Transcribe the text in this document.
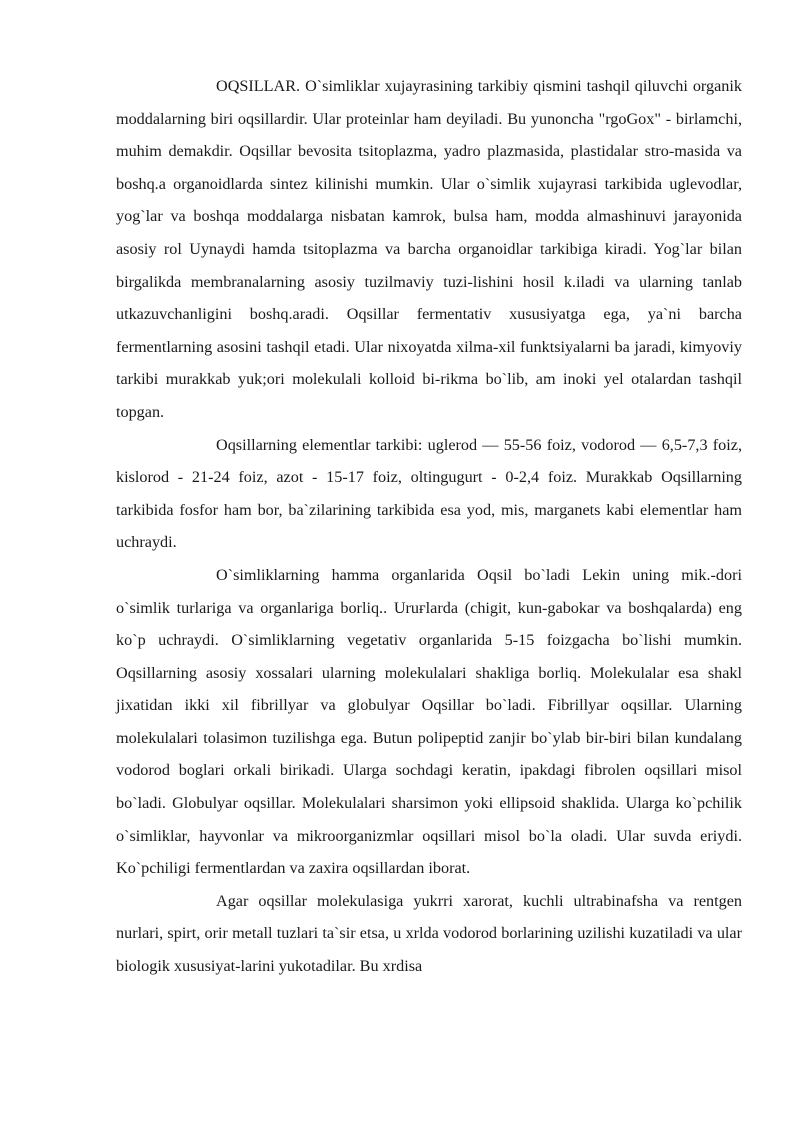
OQSILLAR. O`simliklar xujayrasining tarkibiy qismini tashqil qiluvchi organik moddalarning biri oqsillardir. Ular proteinlar ham deyiladi. Bu yunoncha "rgoGox" - birlamchi, muhim demakdir. Oqsillar bevosita tsitoplazma, yadro plazmasida, plastidalar stro-masida va boshq.a organoidlarda sintez kilinishi mumkin. Ular o`simlik xujayrasi tarkibida uglevodlar, yog`lar va boshqa moddalarga nisbatan kamrok, bulsa ham, modda almashinuvi jarayonida asosiy rol Uynaydi hamda tsitoplazma va barcha organoidlar tarkibiga kiradi. Yog`lar bilan birgalikda membranalarning asosiy tuzilmaviy tuzi-lishini hosil k.iladi va ularning tanlab utkazuvchanligini boshq.aradi. Oqsillar fermentativ xususiyatga ega, ya`ni barcha fermentlarning asosini tashqil etadi. Ular nixoyatda xilma-xil funktsiyalarni ba jaradi, kimyoviy tarkibi murakkab yuk;ori molekulali kolloid bi-rikma bo`lib, am inoki yel otalardan tashqil topgan.

Oqsillarning elementlar tarkibi: uglerod — 55-56 foiz, vodorod — 6,5-7,3 foiz, kislorod - 21-24 foiz, azot - 15-17 foiz, oltingugurt - 0-2,4 foiz. Murakkab Oqsillarning tarkibida fosfor ham bor, ba`zilarining tarkibida esa yod, mis, marganets kabi elementlar ham uchraydi.

O`simliklarning hamma organlarida Oqsil bo`ladi Lekin uning mik.-dori o`simlik turlariga va organlariga borliq.. Uruғlarda (chigit, kun-gabokar va boshqalarda) eng ko`p uchraydi. O`simliklarning vegetativ organlarida 5-15 foizgacha bo`lishi mumkin. Oqsillarning asosiy xossalari ularning molekulalari shakliga borliq. Molekulalar esa shakl jixatidan ikki xil fibrillyar va globulyar Oqsillar bo`ladi. Fibrillyar oqsillar. Ularning molekulalari tolasimon tuzilishga ega. Butun polipeptid zanjir bo`ylab bir-biri bilan kundalang vodorod boglari orkali birikadi. Ularga sochdagi keratin, ipakdagi fibrolen oqsillari misol bo`ladi. Globulyar oqsillar. Molekulalari sharsimon yoki ellipsoid shaklida. Ularga ko`pchilik o`simliklar, hayvonlar va mikroorganizmlar oqsillari misol bo`la oladi. Ular suvda eriydi. Ko`pchiligi fermentlardan va zaxira oqsillardan iborat.

Agar oqsillar molekulasiga yukrri xarorat, kuchli ultrabinafsha va rentgen nurlari, spirt, orir metall tuzlari ta`sir etsa, u xrlda vodorod borlarining uzilishi kuzatiladi va ular biologik xususiyat-larini yukotadilar. Bu xrdisa
